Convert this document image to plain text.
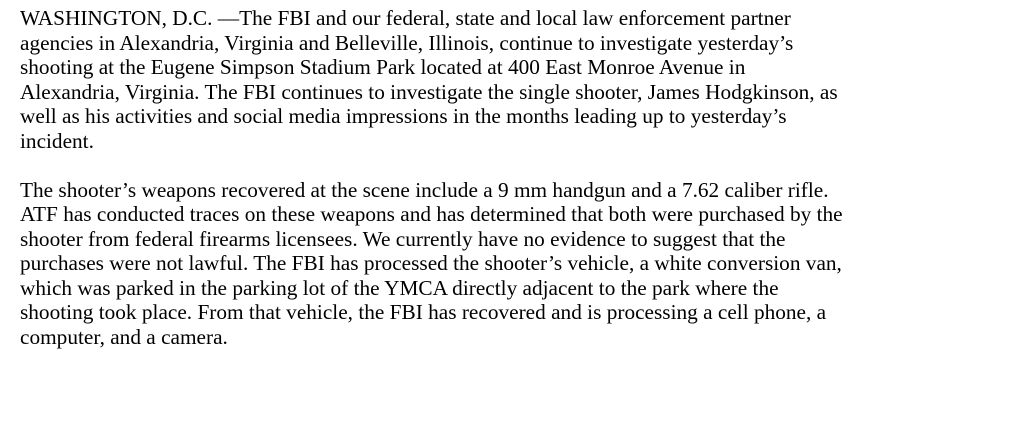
WASHINGTON, D.C. —The FBI and our federal, state and local law enforcement partner
agencies in Alexandria, Virginia and Belleville, Illinois, continue to investigate yesterday’s
shooting at the Eugene Simpson Stadium Park located at 400 East Monroe Avenue in
Alexandria, Virginia. The FBI continues to investigate the single shooter, James Hodgkinson, as
well as his activities and social media impressions in the months leading up to yesterday’s
incident.

The shooter’s weapons recovered at the scene include a 9 mm handgun and a 7.62 caliber rifle.
ATF has conducted traces on these weapons and has determined that both were purchased by the
shooter from federal firearms licensees. We currently have no evidence to suggest that the
purchases were not lawful. The FBI has processed the shooter’s vehicle, a white conversion van,
which was parked in the parking lot of the YMCA directly adjacent to the park where the
shooting took place. From that vehicle, the FBI has recovered and is processing a cell phone, a
computer, and a camera.
